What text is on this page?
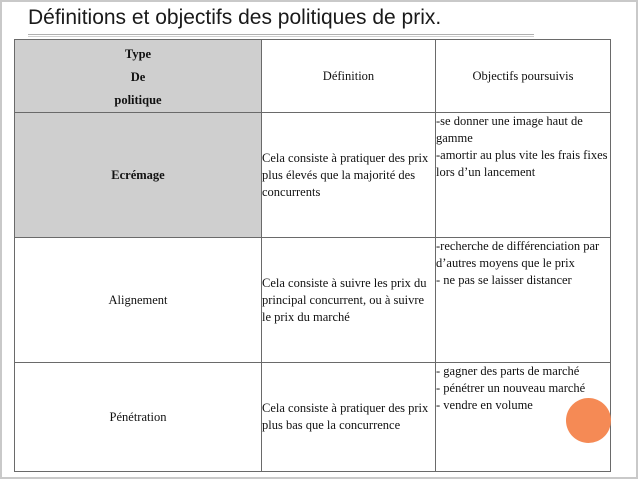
Définitions et objectifs des politiques de prix.
Type
De
politique	Définition	Objectifs poursuivis
Ecrémage	Cela consiste à pratiquer des prix plus élevés que la majorité des concurrents	-se donner une image haut de gamme
-amortir au plus vite les frais fixes lors d’un lancement

Alignement	Cela consiste à suivre les prix du principal concurrent, ou à suivre le prix du marché	-recherche de différenciation par d’autres moyens que le prix
- ne pas se laisser distancer

Pénétration	Cela consiste à pratiquer des prix plus bas que la concurrence	- gagner des parts de marché
- pénétrer un nouveau marché
- vendre en volume
